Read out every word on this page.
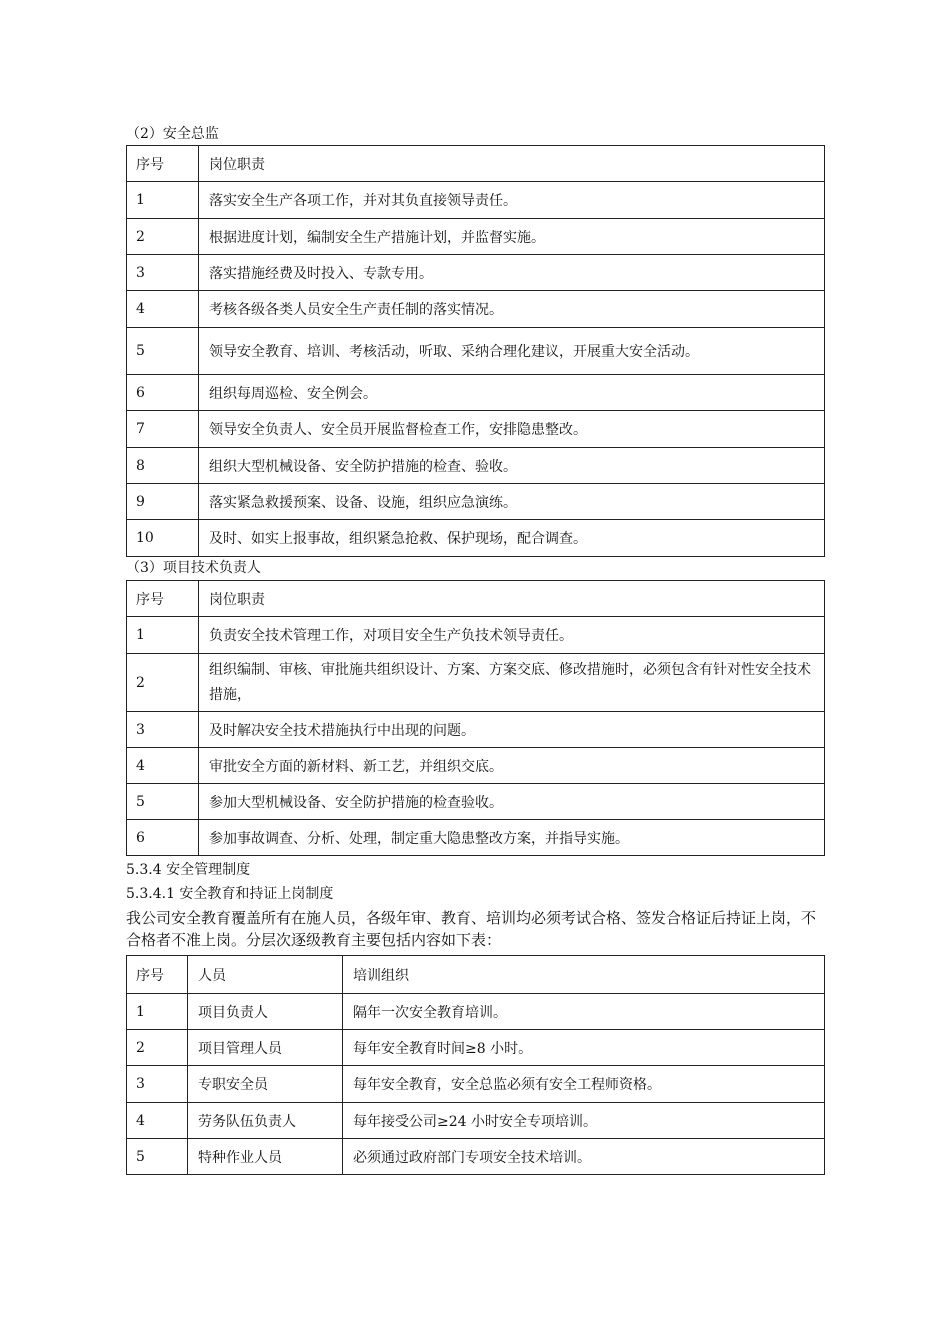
（2）安全总监
序号	岗位职责
1	落实安全生产各项工作，并对其负直接领导责任。
2	根据进度计划，编制安全生产措施计划，并监督实施。
3	落实措施经费及时投入、专款专用。
4	考核各级各类人员安全生产责任制的落实情况。
5	领导安全教育、培训、考核活动，听取、采纳合理化建议，开展重大安全活动。
6	组织每周巡检、安全例会。
7	领导安全负责人、安全员开展监督检查工作，安排隐患整改。
8	组织大型机械设备、安全防护措施的检查、验收。
9	落实紧急救援预案、设备、设施，组织应急演练。
10	及时、如实上报事故，组织紧急抢救、保护现场，配合调查。
（3）项目技术负责人
序号	岗位职责
1	负责安全技术管理工作，对项目安全生产负技术领导责任。
2	组织编制、审核、审批施共组织设计、方案、方案交底、修改措施时，必须包含有针对性安全技术措施，
3	及时解决安全技术措施执行中出现的问题。
4	审批安全方面的新材料、新工艺，并组织交底。
5	参加大型机械设备、安全防护措施的检查验收。
6	参加事故调查、分析、处理，制定重大隐患整改方案，并指导实施。
5.3.4 安全管理制度
5.3.4.1 安全教育和持证上岗制度
我公司安全教育覆盖所有在施人员，各级年审、教育、培训均必须考试合格、签发合格证后持证上岗，不合格者不准上岗。分层次逐级教育主要包括内容如下表：
序号	人员	培训组织
1	项目负责人	隔年一次安全教育培训。
2	项目管理人员	每年安全教育时间≥8 小时。
3	专职安全员	每年安全教育，安全总监必须有安全工程师资格。
4	劳务队伍负责人	每年接受公司≥24 小时安全专项培训。
5	特种作业人员	必须通过政府部门专项安全技术培训。
